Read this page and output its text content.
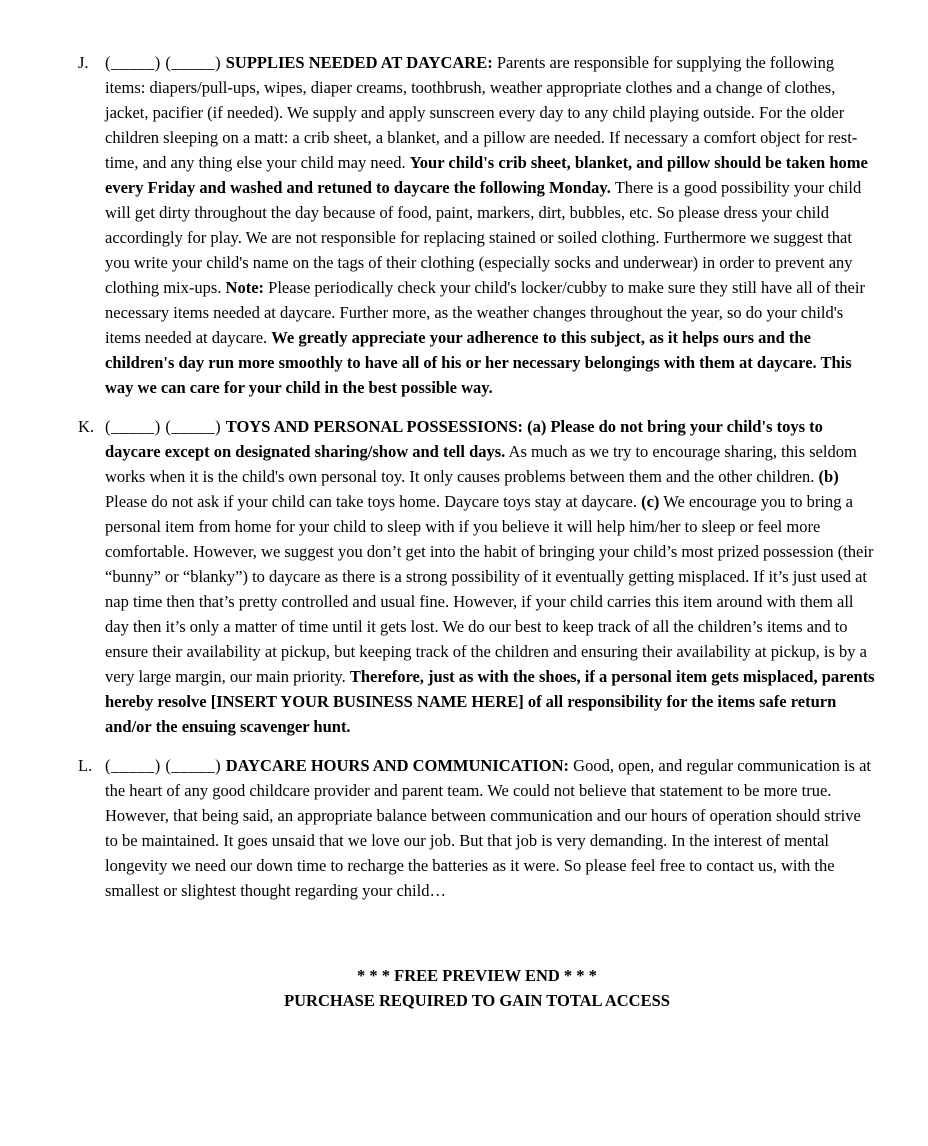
J. (_____) (_____) SUPPLIES NEEDED AT DAYCARE: Parents are responsible for supplying the following items: diapers/pull-ups, wipes, diaper creams, toothbrush, weather appropriate clothes and a change of clothes, jacket, pacifier (if needed). We supply and apply sunscreen every day to any child playing outside. For the older children sleeping on a matt: a crib sheet, a blanket, and a pillow are needed. If necessary a comfort object for rest-time, and any thing else your child may need. Your child's crib sheet, blanket, and pillow should be taken home every Friday and washed and retuned to daycare the following Monday. There is a good possibility your child will get dirty throughout the day because of food, paint, markers, dirt, bubbles, etc. So please dress your child accordingly for play. We are not responsible for replacing stained or soiled clothing. Furthermore we suggest that you write your child's name on the tags of their clothing (especially socks and underwear) in order to prevent any clothing mix-ups. Note: Please periodically check your child's locker/cubby to make sure they still have all of their necessary items needed at daycare. Further more, as the weather changes throughout the year, so do your child's items needed at daycare. We greatly appreciate your adherence to this subject, as it helps ours and the children's day run more smoothly to have all of his or her necessary belongings with them at daycare. This way we can care for your child in the best possible way.

K. (_____) (_____) TOYS AND PERSONAL POSSESSIONS: (a) Please do not bring your child's toys to daycare except on designated sharing/show and tell days. As much as we try to encourage sharing, this seldom works when it is the child's own personal toy. It only causes problems between them and the other children. (b) Please do not ask if your child can take toys home. Daycare toys stay at daycare. (c) We encourage you to bring a personal item from home for your child to sleep with if you believe it will help him/her to sleep or feel more comfortable. However, we suggest you don’t get into the habit of bringing your child’s most prized possession (their “bunny” or “blanky”) to daycare as there is a strong possibility of it eventually getting misplaced. If it’s just used at nap time then that’s pretty controlled and usual fine. However, if your child carries this item around with them all day then it’s only a matter of time until it gets lost. We do our best to keep track of all the children’s items and to ensure their availability at pickup, but keeping track of the children and ensuring their availability at pickup, is by a very large margin, our main priority. Therefore, just as with the shoes, if a personal item gets misplaced, parents hereby resolve [INSERT YOUR BUSINESS NAME HERE] of all responsibility for the items safe return and/or the ensuing scavenger hunt.

L. (_____) (_____) DAYCARE HOURS AND COMMUNICATION: Good, open, and regular communication is at the heart of any good childcare provider and parent team. We could not believe that statement to be more true. However, that being said, an appropriate balance between communication and our hours of operation should strive to be maintained. It goes unsaid that we love our job. But that job is very demanding. In the interest of mental longevity we need our down time to recharge the batteries as it were. So please feel free to contact us, with the smallest or slightest thought regarding your child…

* * * FREE PREVIEW END * * *
PURCHASE REQUIRED TO GAIN TOTAL ACCESS
